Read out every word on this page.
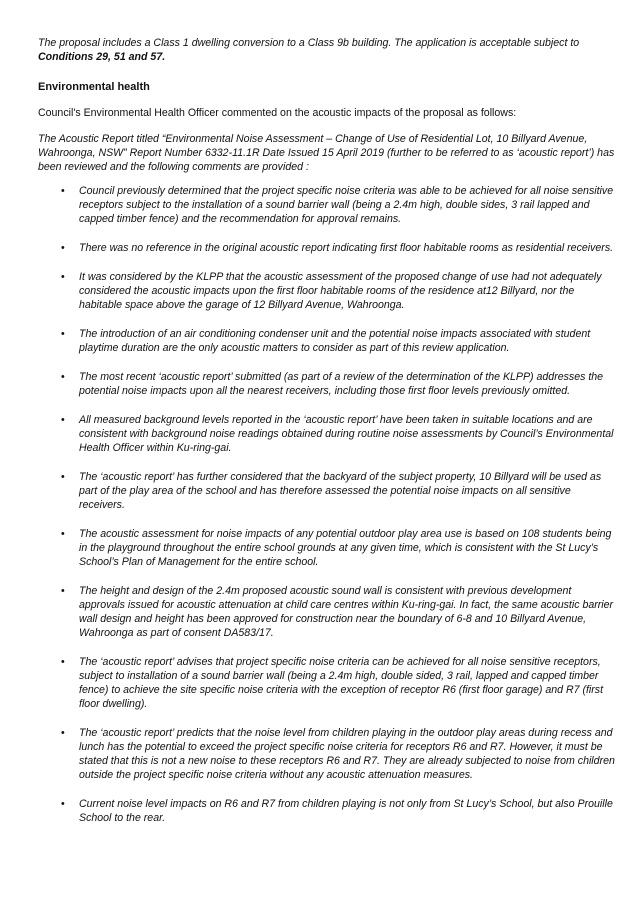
The proposal includes a Class 1 dwelling conversion to a Class 9b building. The application is acceptable subject to Conditions 29, 51 and 57.

Environmental health

Council's Environmental Health Officer commented on the acoustic impacts of the proposal as follows:

The Acoustic Report titled “Environmental Noise Assessment – Change of Use of Residential Lot, 10 Billyard Avenue, Wahroonga, NSW” Report Number 6332-11.1R Date Issued 15 April 2019 (further to be referred to as ‘acoustic report’) has been reviewed and the following comments are provided :

• Council previously determined that the project specific noise criteria was able to be achieved for all noise sensitive receptors subject to the installation of a sound barrier wall (being a 2.4m high, double sides, 3 rail lapped and capped timber fence) and the recommendation for approval remains.
• There was no reference in the original acoustic report indicating first floor habitable rooms as residential receivers.
• It was considered by the KLPP that the acoustic assessment of the proposed change of use had not adequately considered the acoustic impacts upon the first floor habitable rooms of the residence at12 Billyard, nor the habitable space above the garage of 12 Billyard Avenue, Wahroonga.
• The introduction of an air conditioning condenser unit and the potential noise impacts associated with student playtime duration are the only acoustic matters to consider as part of this review application.
• The most recent ‘acoustic report’ submitted (as part of a review of the determination of the KLPP) addresses the potential noise impacts upon all the nearest receivers, including those first floor levels previously omitted.
• All measured background levels reported in the ‘acoustic report’ have been taken in suitable locations and are consistent with background noise readings obtained during routine noise assessments by Council’s Environmental Health Officer within Ku-ring-gai.
• The ‘acoustic report’ has further considered that the backyard of the subject property, 10 Billyard will be used as part of the play area of the school and has therefore assessed the potential noise impacts on all sensitive receivers.
• The acoustic assessment for noise impacts of any potential outdoor play area use is based on 108 students being in the playground throughout the entire school grounds at any given time, which is consistent with the St Lucy’s School’s Plan of Management for the entire school.
• The height and design of the 2.4m proposed acoustic sound wall is consistent with previous development approvals issued for acoustic attenuation at child care centres within Ku-ring-gai. In fact, the same acoustic barrier wall design and height has been approved for construction near the boundary of 6-8 and 10 Billyard Avenue, Wahroonga as part of consent DA583/17.
• The ‘acoustic report’ advises that project specific noise criteria can be achieved for all noise sensitive receptors, subject to installation of a sound barrier wall (being a 2.4m high, double sided, 3 rail, lapped and capped timber fence) to achieve the site specific noise criteria with the exception of receptor R6 (first floor garage) and R7 (first floor dwelling).
• The ‘acoustic report’ predicts that the noise level from children playing in the outdoor play areas during recess and lunch has the potential to exceed the project specific noise criteria for receptors R6 and R7. However, it must be stated that this is not a new noise to these receptors R6 and R7. They are already subjected to noise from children outside the project specific noise criteria without any acoustic attenuation measures.
• Current noise level impacts on R6 and R7 from children playing is not only from St Lucy’s School, but also Prouille School to the rear.
